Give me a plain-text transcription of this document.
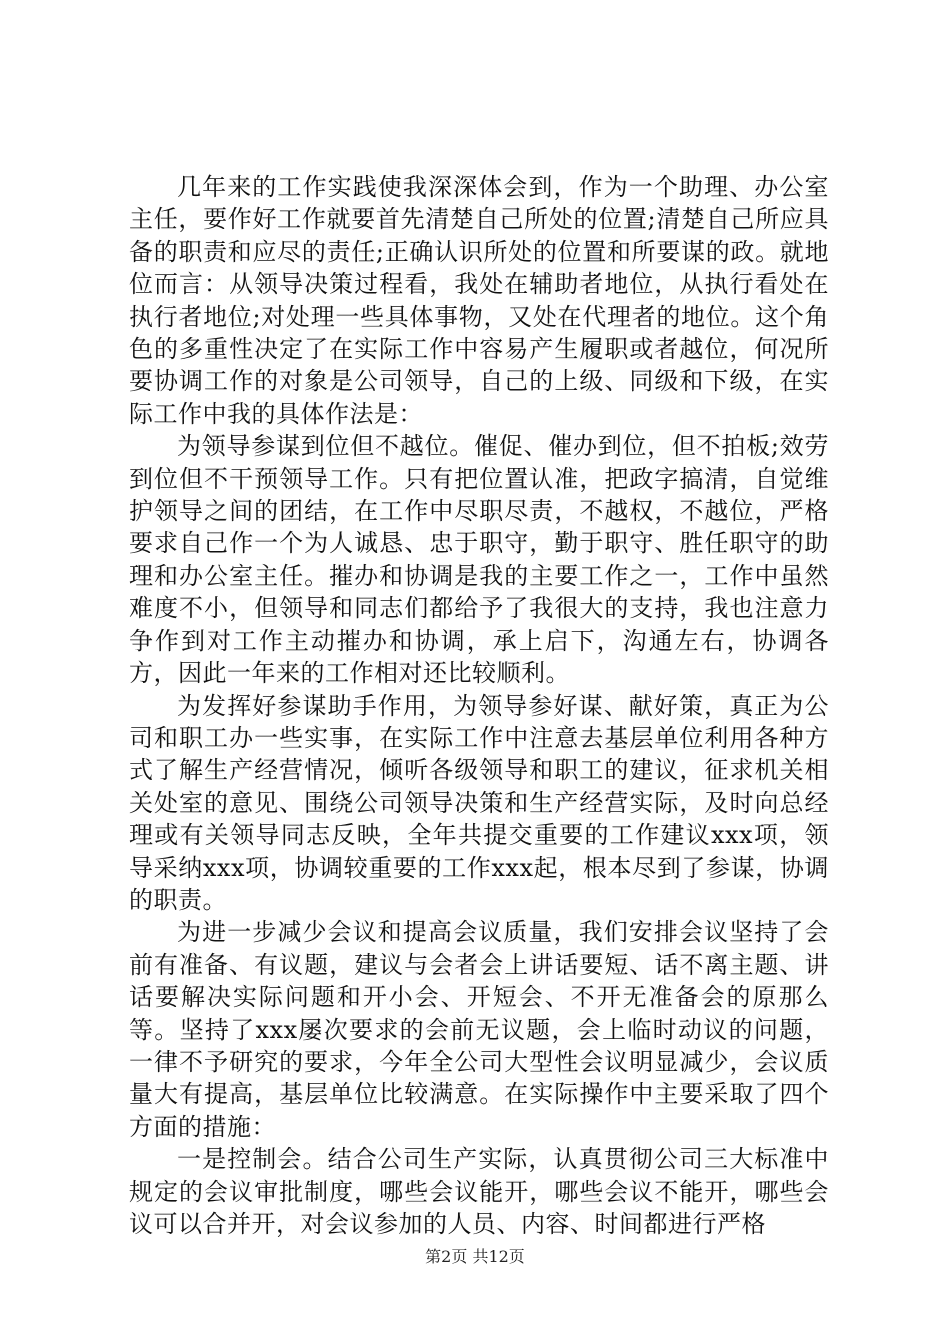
几年来的工作实践使我深深体会到，作为一个助理、办公室主任，要作好工作就要首先清楚自己所处的位置;清楚自己所应具备的职责和应尽的责任;正确认识所处的位置和所要谋的政。就地位而言：从领导决策过程看，我处在辅助者地位，从执行看处在执行者地位;对处理一些具体事物，又处在代理者的地位。这个角色的多重性决定了在实际工作中容易产生履职或者越位，何况所要协调工作的对象是公司领导，自己的上级、同级和下级，在实际工作中我的具体作法是：

为领导参谋到位但不越位。催促、催办到位，但不拍板;效劳到位但不干预领导工作。只有把位置认准，把政字搞清，自觉维护领导之间的团结，在工作中尽职尽责，不越权，不越位，严格要求自己作一个为人诚恳、忠于职守，勤于职守、胜任职守的助理和办公室主任。摧办和协调是我的主要工作之一，工作中虽然难度不小，但领导和同志们都给予了我很大的支持，我也注意力争作到对工作主动摧办和协调，承上启下，沟通左右，协调各方，因此一年来的工作相对还比较顺利。

为发挥好参谋助手作用，为领导参好谋、献好策，真正为公司和职工办一些实事，在实际工作中注意去基层单位利用各种方式了解生产经营情况，倾听各级领导和职工的建议，征求机关相关处室的意见、围绕公司领导决策和生产经营实际，及时向总经理或有关领导同志反映，全年共提交重要的工作建议xxx项，领导采纳xxx项，协调较重要的工作xxx起，根本尽到了参谋，协调的职责。

为进一步减少会议和提高会议质量，我们安排会议坚持了会前有准备、有议题，建议与会者会上讲话要短、话不离主题、讲话要解决实际问题和开小会、开短会、不开无准备会的原那么等。坚持了xxx屡次要求的会前无议题，会上临时动议的问题，一律不予研究的要求，今年全公司大型性会议明显减少，会议质量大有提高，基层单位比较满意。在实际操作中主要采取了四个方面的措施：

一是控制会。结合公司生产实际，认真贯彻公司三大标准中规定的会议审批制度，哪些会议能开，哪些会议不能开，哪些会议可以合并开，对会议参加的人员、内容、时间都进行严格

第2页 共12页
